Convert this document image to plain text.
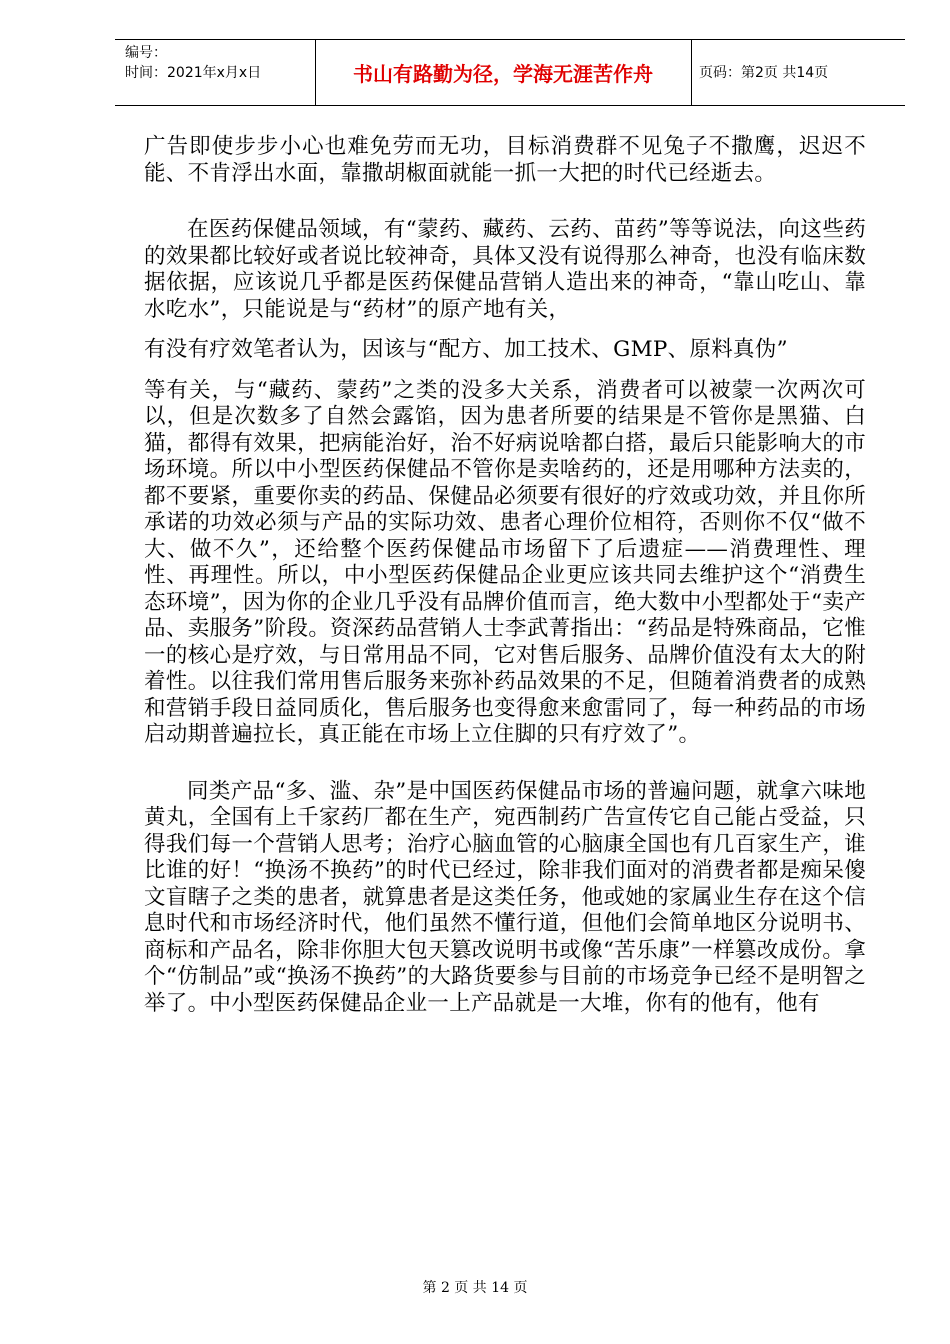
编号：
时间：2021年x月x日	书山有路勤为径，学海无涯苦作舟	页码：第2页 共14页

广告即使步步小心也难免劳而无功，目标消费群不见兔子不撒鹰，迟迟不能、不肯浮出水面，靠撒胡椒面就能一抓一大把的时代已经逝去。

在医药保健品领域，有“蒙药、藏药、云药、苗药”等等说法，向这些药的效果都比较好或者说比较神奇，具体又没有说得那么神奇，也没有临床数据依据，应该说几乎都是医药保健品营销人造出来的神奇，“靠山吃山、靠水吃水”，只能说是与“药材”的原产地有关，

有没有疗效笔者认为，因该与“配方、加工技术、GMP、原料真伪”

等有关，与“藏药、蒙药”之类的没多大关系，消费者可以被蒙一次两次可以，但是次数多了自然会露馅，因为患者所要的结果是不管你是黑猫、白猫，都得有效果，把病能治好，治不好病说啥都白搭，最后只能影响大的市场环境。所以中小型医药保健品不管你是卖啥药的，还是用哪种方法卖的，都不要紧，重要你卖的药品、保健品必须要有很好的疗效或功效，并且你所承诺的功效必须与产品的实际功效、患者心理价位相符，否则你不仅“做不大、做不久”，还给整个医药保健品市场留下了后遗症——消费理性、理性、再理性。所以，中小型医药保健品企业更应该共同去维护这个“消费生态环境”，因为你的企业几乎没有品牌价值而言，绝大数中小型都处于“卖产品、卖服务”阶段。资深药品营销人士李武菁指出：“药品是特殊商品，它惟一的核心是疗效，与日常用品不同，它对售后服务、品牌价值没有太大的附着性。以往我们常用售后服务来弥补药品效果的不足，但随着消费者的成熟和营销手段日益同质化，售后服务也变得愈来愈雷同了，每一种药品的市场启动期普遍拉长，真正能在市场上立住脚的只有疗效了”。

同类产品“多、滥、杂”是中国医药保健品市场的普遍问题，就拿六味地黄丸，全国有上千家药厂都在生产，宛西制药广告宣传它自己能占受益，只得我们每一个营销人思考；治疗心脑血管的心脑康全国也有几百家生产，谁比谁的好！“换汤不换药”的时代已经过，除非我们面对的消费者都是痴呆傻文盲瞎子之类的患者，就算患者是这类任务，他或她的家属业生存在这个信息时代和市场经济时代，他们虽然不懂行道，但他们会简单地区分说明书、商标和产品名，除非你胆大包天篡改说明书或像“苦乐康”一样篡改成份。拿个“仿制品”或“换汤不换药”的大路货要参与目前的市场竞争已经不是明智之举了。中小型医药保健品企业一上产品就是一大堆，你有的他有，他有

第 2 页 共 14 页
